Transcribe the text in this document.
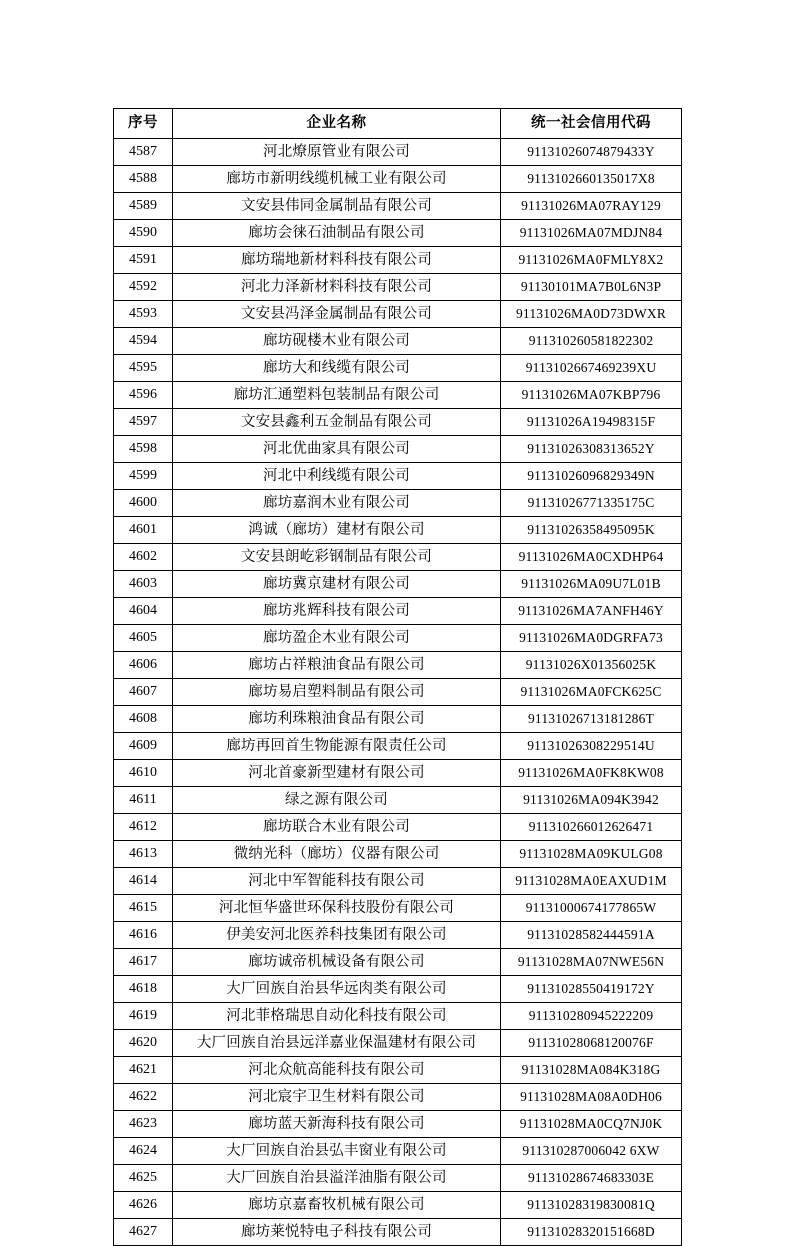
序号	企业名称	统一社会信用代码
4587	河北燎原管业有限公司	91131026074879433Y
4588	廊坊市新明线缆机械工业有限公司	9113102660135017X8
4589	文安县伟同金属制品有限公司	91131026MA07RAY129
4590	廊坊会徕石油制品有限公司	91131026MA07MDJN84
4591	廊坊瑞地新材料科技有限公司	91131026MA0FMLY8X2
4592	河北力泽新材料科技有限公司	91130101MA7B0L6N3P
4593	文安县冯泽金属制品有限公司	91131026MA0D73DWXR
4594	廊坊砚楼木业有限公司	911310260581822302
4595	廊坊大和线缆有限公司	9113102667469239XU
4596	廊坊汇通塑料包装制品有限公司	91131026MA07KBP796
4597	文安县鑫利五金制品有限公司	91131026A19498315F
4598	河北优曲家具有限公司	91131026308313652Y
4599	河北中利线缆有限公司	91131026096829349N
4600	廊坊嘉润木业有限公司	91131026771335175C
4601	鸿诚（廊坊）建材有限公司	91131026358495095K
4602	文安县朗屹彩钢制品有限公司	91131026MA0CXDHP64
4603	廊坊冀京建材有限公司	91131026MA09U7L01B
4604	廊坊兆辉科技有限公司	91131026MA7ANFH46Y
4605	廊坊盈企木业有限公司	91131026MA0DGRFA73
4606	廊坊占祥粮油食品有限公司	91131026X01356025K
4607	廊坊易启塑料制品有限公司	91131026MA0FCK625C
4608	廊坊利珠粮油食品有限公司	91131026713181286T
4609	廊坊再回首生物能源有限责任公司	91131026308229514U
4610	河北首豪新型建材有限公司	91131026MA0FK8KW08
4611	绿之源有限公司	91131026MA094K3942
4612	廊坊联合木业有限公司	911310266012626471
4613	微纳光科（廊坊）仪器有限公司	91131028MA09KULG08
4614	河北中军智能科技有限公司	91131028MA0EAXUD1M
4615	河北恒华盛世环保科技股份有限公司	91131000674177865W
4616	伊美安河北医养科技集团有限公司	91131028582444591A
4617	廊坊诚帝机械设备有限公司	91131028MA07NWE56N
4618	大厂回族自治县华远肉类有限公司	91131028550419172Y
4619	河北菲格瑞思自动化科技有限公司	911310280945222209
4620	大厂回族自治县远洋嘉业保温建材有限公司	91131028068120076F
4621	河北众航高能科技有限公司	91131028MA084K318G
4622	河北宸宇卫生材料有限公司	91131028MA08A0DH06
4623	廊坊蓝天新海科技有限公司	91131028MA0CQ7NJ0K
4624	大厂回族自治县弘丰窗业有限公司	911310287006042 6XW
4625	大厂回族自治县溢洋油脂有限公司	91131028674683303E
4626	廊坊京嘉畜牧机械有限公司	91131028319830081Q
4627	廊坊莱悦特电子科技有限公司	91131028320151668D
